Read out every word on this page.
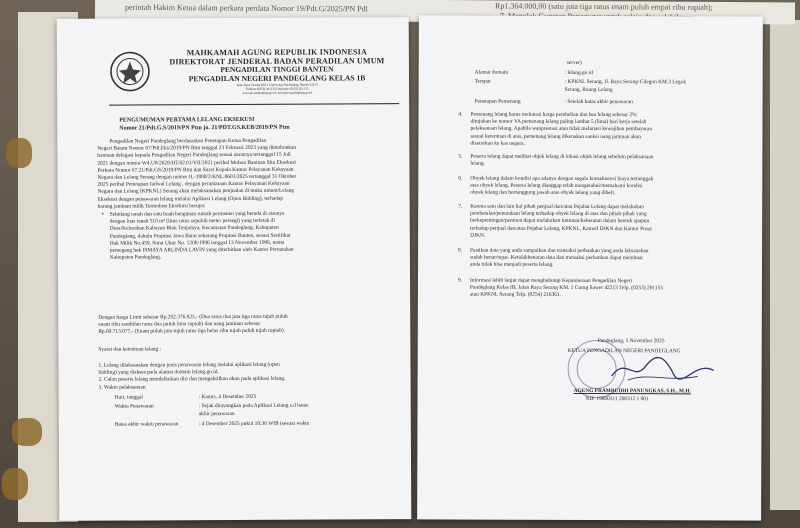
perintah Hakim Ketua dalam perkara perdata Nomor 19/Pdt.G/2025/PN Pdl	Rp1.364.000,00 (satu juta tiga ratus enam puluh empat ribu rupiah);
MAHKAMAH AGUNG REPUBLIK INDONESIA
DIREKTORAT JENDERAL BADAN PERADILAN UMUM
PENGADILAN TINGGI BANTEN
PENGADILAN NEGERI PANDEGLANG KELAS 1B
Jalan Raya Serang KM.1 Cipeucang Pandeglang, Banten 42213
Telepon (0253) 201135 Faksimile (0253) 201135
www.pn-pandeglang.go.id, info@pn-pandeglang.go.id
PENGUMUMAN PERTAMA LELANG EKSEKUSI
Nomor 21/Pdt.G.S/2019/PN Ptm jo. 21/PDT.GS.KEB/2019/PN Ptm
Pengadilan Negeri Pandeglang berdasarkan Penetapan Ketua Pengadilan
Negeri Batam Nomor 67/Pdt.Eks/2019/PN Btm tanggal 23 Februari 2023 yang dimohonkan
bantuan delegasi kepada Pengadilan Negeri Pandeglang sesuai suratnya tertanggal 15 Juli
2021 dengan nomor W4.U8/2628/HT.02.01/VII/2021 perihal Mohon Bantuan Sita Eksekusi
Perkara Nomor 67.21/Pdt.GS/2019/PN Btm dan Surat Kepala Kantor Pelayanan Kekayaan
Negara dan Lelang Serang dengan nomor JL-1800/2/KNL.0601/2025 tertanggal 31 Oktober
2025 perihal Penetapan Jadwal Lelang , dengan perantaraan Kantor Pelayanan Kekayaan
Negara dan Lelang (KPKNL) Serang akan melaksanakan penjualan di muka umum/Lelang
Eksekusi dengan penawaran lelang melalui Aplikasi Lelang (Open Bidding), terhadap
barang jaminan milik Termohon Eksekusi berupa:
• Sebidang tanah dan satu buah bangunan rumah permanen yang berada di atasnya
dengan luas tanah 510 m² (lima ratus sepuluh meter persegi) yang terletak di
Desa/Kelurahan Kabayan Blok Tenjolaya, Kecamatan Pandeglang, Kabupaten
Pandeglang, dahulu Propinsi Jawa Barat sekarang Propinsi Banten, sesuai Sertifikat
Hak Milik No.459, Surat Ukur No. 1208/1996 tanggal 13 November 1996, nama
pemegang hak ISMAYA ARLINDA LAVIN yang diterbitkan oleh Kantor Pertanahan
Kabupaten Pandeglang.
Dengan harga Limit sebesar Rp.202.376.925,- (Dua ratus dua juta tiga ratus tujuh puluh
enam ribu sembilan ratus dua puluh lima rupiah) dan uang jaminan sebesar
Rp.60.713.077,- (Enam puluh juta tujuh ratus tiga belas ribu tujuh puluh tujuh rupiah).
Syarat dan ketentuan lelang :
1. Lelang dilaksanakan dengan jenis penawaran lelang melalui aplikasi lelang (open
bidding) yang diakses pada alamat domain lelang.go.id.
2. Calon peserta lelang mendaftarkan diri dan mengaktifkan akun pada aplikasi lelang.
3. Waktu pelaksanaan
Hari, tanggal	: Kamis, 4 Desember 2025
Waktu Penawaran	: Sejak ditayangkan pada Aplikasi Lelang s.d batas
akhir penawaran
Batas akhir waktu penawaran	: 4 Desember 2025 pukul 10:30 WIB (sesuai waktu
server)
Alamat domain	: lelang.go.id
Tempat	: KPKNL Serang, Jl. Raya Serang-Cilegon KM.3 Legok
Serang, Ruang Lelang
Penetapan Pemenang	: Setelah batas akhir penawaran
4. Pemenang lelang harus melunasi harga pembelian dan bea lelang sebesar 2%
ditujukan ke nomor VA pemenang lelang paling lambat 5 (lima) hari kerja setelah
pelaksanaan lelang. Apabila wanprestasi atau tidak melunasi kewajiban pembayaran
sesuai ketentuan di atas, pemenang lelang dikenakan sanksi uang jaminan akan
disetorkan ke kas negara.
5. Peserta lelang dapat melihat objek lelang di lokasi objek lelang sebelum pelaksanaan
lelang.
6. Obyek lelang dalam kondisi apa adanya dengan segala konsekuensi biaya tertanggak
atas obyek lelang. Peserta lelang dianggap telah mengetahui/memahami kondisi
obyek lelang dan bertanggung jawab atas obyek lelang yang dibeli.
7. Karena satu dan lain hal pihak penjual dan/atau Pejabat Lelang dapat melakukan
pembatalan/penundaan lelang terhadap obyek lelang di atas dan pihak-pihak yang
berkepentingan/peminat dapat melakukan tuntutan/keberatan dalam bentuk apapun
terhadap penjual dan/atau Pejabat Lelang, KPKNL, Kanwil DJKN dan Kantor Pusat
DJKN.
8. Pastikan data yang anda sampaikan dan transaksi perbankan yang anda laksanakan
sudah benar/tepat. Ketidakbenaran data dan transaksi perbankan dapat membuat
anda tidak bisa menjadi peserta lelang.
9. Informasi lebih lanjut dapat menghubungi Kepaniteraan Pengadilan Negeri
Pandeglang Kelas IB, Jalan Raya Serang KM. 1 Curug Sawer 42213 Telp. (0253) 201155
atau KPKNL Serang Telp. (0254) 216361.
Pandeglang, 5 November 2025
KETUA PENGADILAN NEGERI PANDEGLANG
AGENG PRAMBUDHI PANUNGKAS, S.H., M.H.
NIP. 19800311 200312 1 001
